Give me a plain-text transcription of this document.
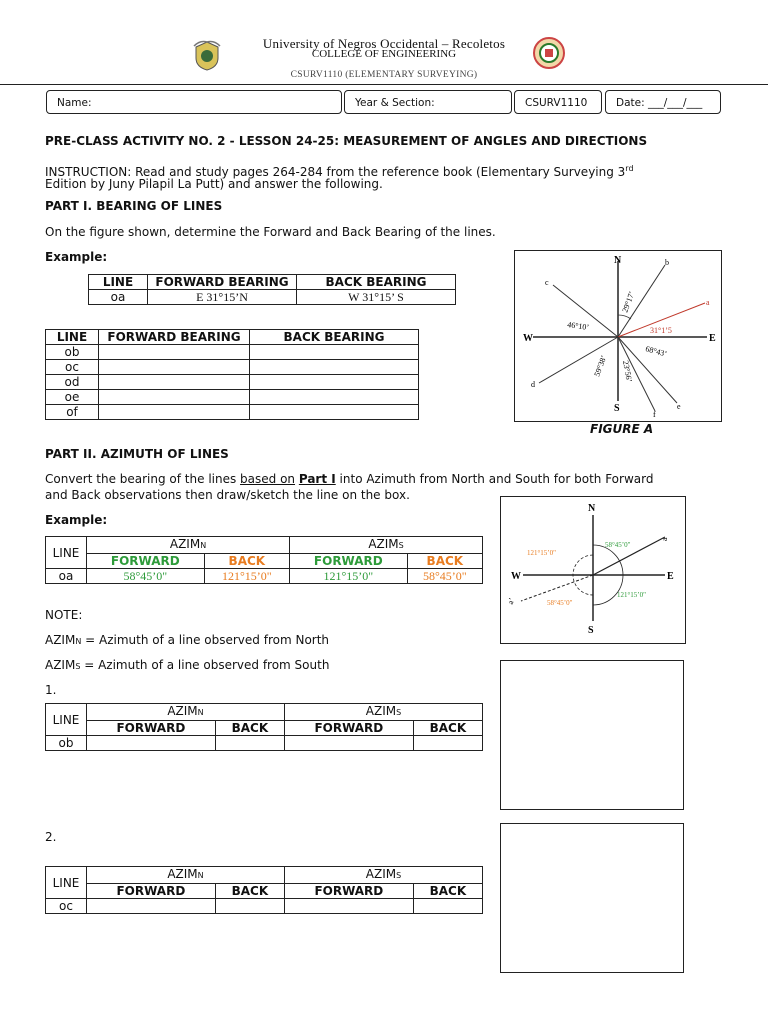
University of Negros Occidental – Recoletos
COLLEGE OF ENGINEERING
CSURV1110 (ELEMENTARY SURVEYING)
Name:	Year & Section:	CSURV1110	Date: ___/___/___
PRE-CLASS ACTIVITY NO. 2 - LESSON 24-25: MEASUREMENT OF ANGLES AND DIRECTIONS
INSTRUCTION: Read and study pages 264-284 from the reference book (Elementary Surveying 3rd
Edition by Juny Pilapil La Putt) and answer the following.
PART I. BEARING OF LINES
On the figure shown, determine the Forward and Back Bearing of the lines.
Example:
LINE	FORWARD BEARING	BACK BEARING
oa	E 31°15’N	W 31°15’ S
LINE	FORWARD BEARING	BACK BEARING
ob		
oc		
od		
oe		
of		
N
S
E
W
b
c
a
d
f
e
29°17’
46°10’	31°1’5
68°43’
59°38’ 23°56’
FIGURE A
PART II. AZIMUTH OF LINES
Convert the bearing of the lines based on Part I into Azimuth from North and South for both Forward
and Back observations then draw/sketch the line on the box.
Example:
LINE	AZIMN		AZIMS	
	FORWARD	BACK	FORWARD	BACK
oa	58°45’0"	121°15’0"	121°15’0"	58°45’0"
N
S
E
W
a
a’
58°45’0"
121°15’0"
121°15’0"
58°45’0"
NOTE:
AZIMN = Azimuth of a line observed from North
AZIMS = Azimuth of a line observed from South
1.
LINE	AZIMN		AZIMS	
	FORWARD	BACK	FORWARD	BACK
ob				
2.
LINE	AZIMN		AZIMS	
	FORWARD	BACK	FORWARD	BACK
oc				
